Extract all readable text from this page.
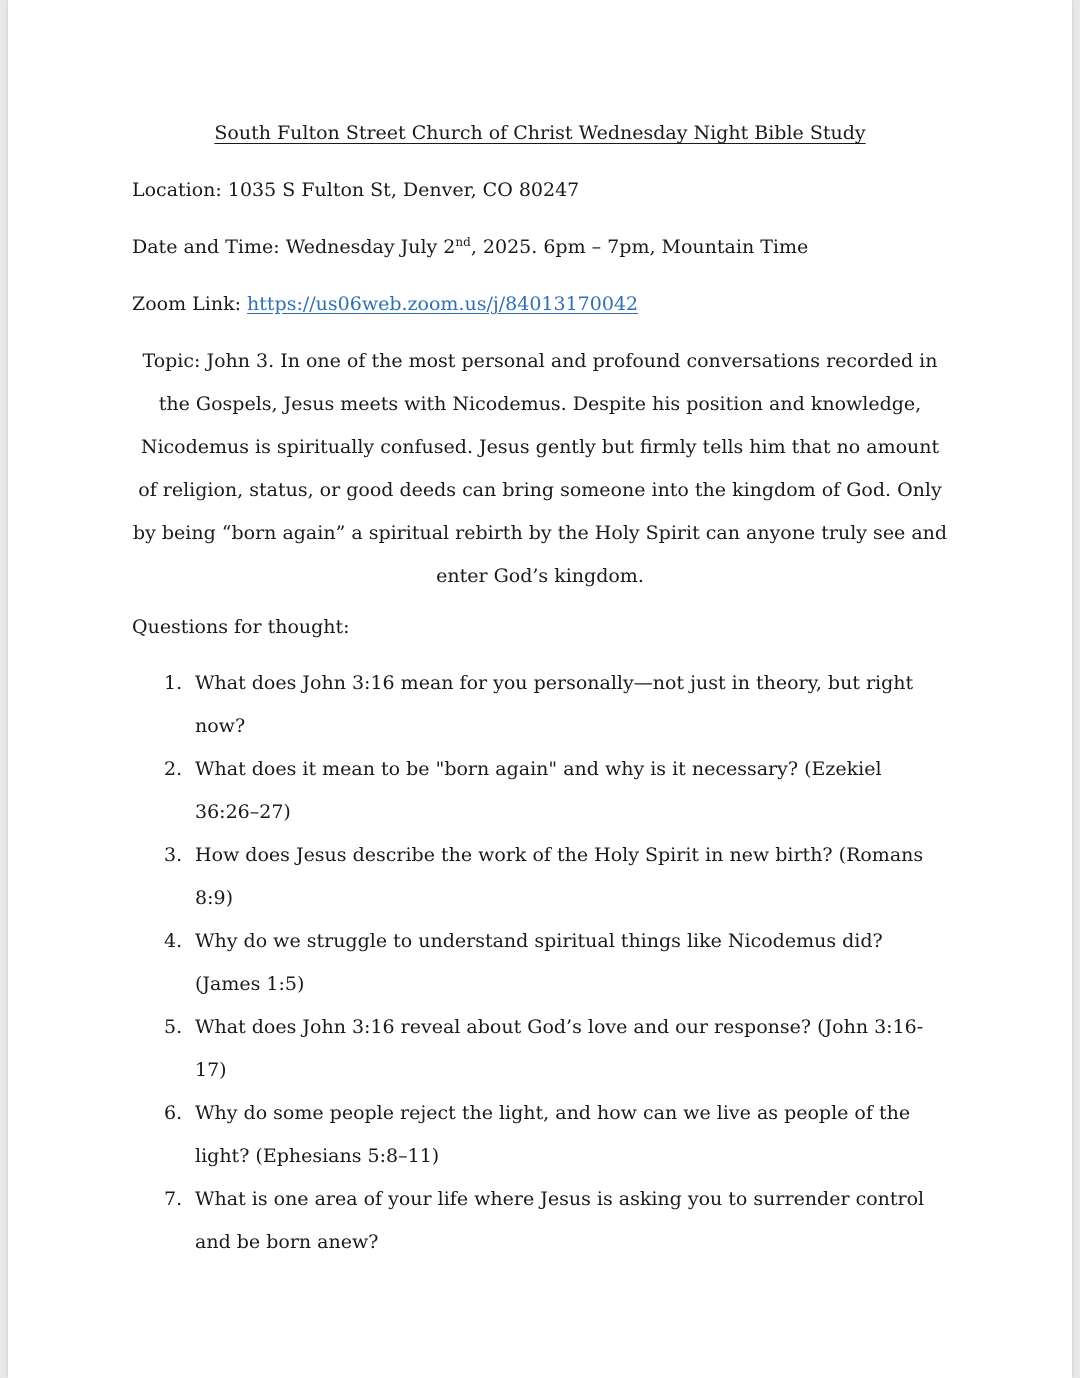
South Fulton Street Church of Christ Wednesday Night Bible Study

Location: 1035 S Fulton St, Denver, CO 80247

Date and Time: Wednesday July 2nd, 2025. 6pm – 7pm, Mountain Time

Zoom Link: https://us06web.zoom.us/j/84013170042

Topic: John 3. In one of the most personal and profound conversations recorded in the Gospels, Jesus meets with Nicodemus. Despite his position and knowledge, Nicodemus is spiritually confused. Jesus gently but firmly tells him that no amount of religion, status, or good deeds can bring someone into the kingdom of God. Only by being “born again” a spiritual rebirth by the Holy Spirit can anyone truly see and enter God’s kingdom.

Questions for thought:

1. What does John 3:16 mean for you personally—not just in theory, but right now?
2. What does it mean to be "born again" and why is it necessary? (Ezekiel 36:26–27)
3. How does Jesus describe the work of the Holy Spirit in new birth? (Romans 8:9)
4. Why do we struggle to understand spiritual things like Nicodemus did? (James 1:5)
5. What does John 3:16 reveal about God’s love and our response? (John 3:16-17)
6. Why do some people reject the light, and how can we live as people of the light? (Ephesians 5:8–11)
7. What is one area of your life where Jesus is asking you to surrender control and be born anew?
